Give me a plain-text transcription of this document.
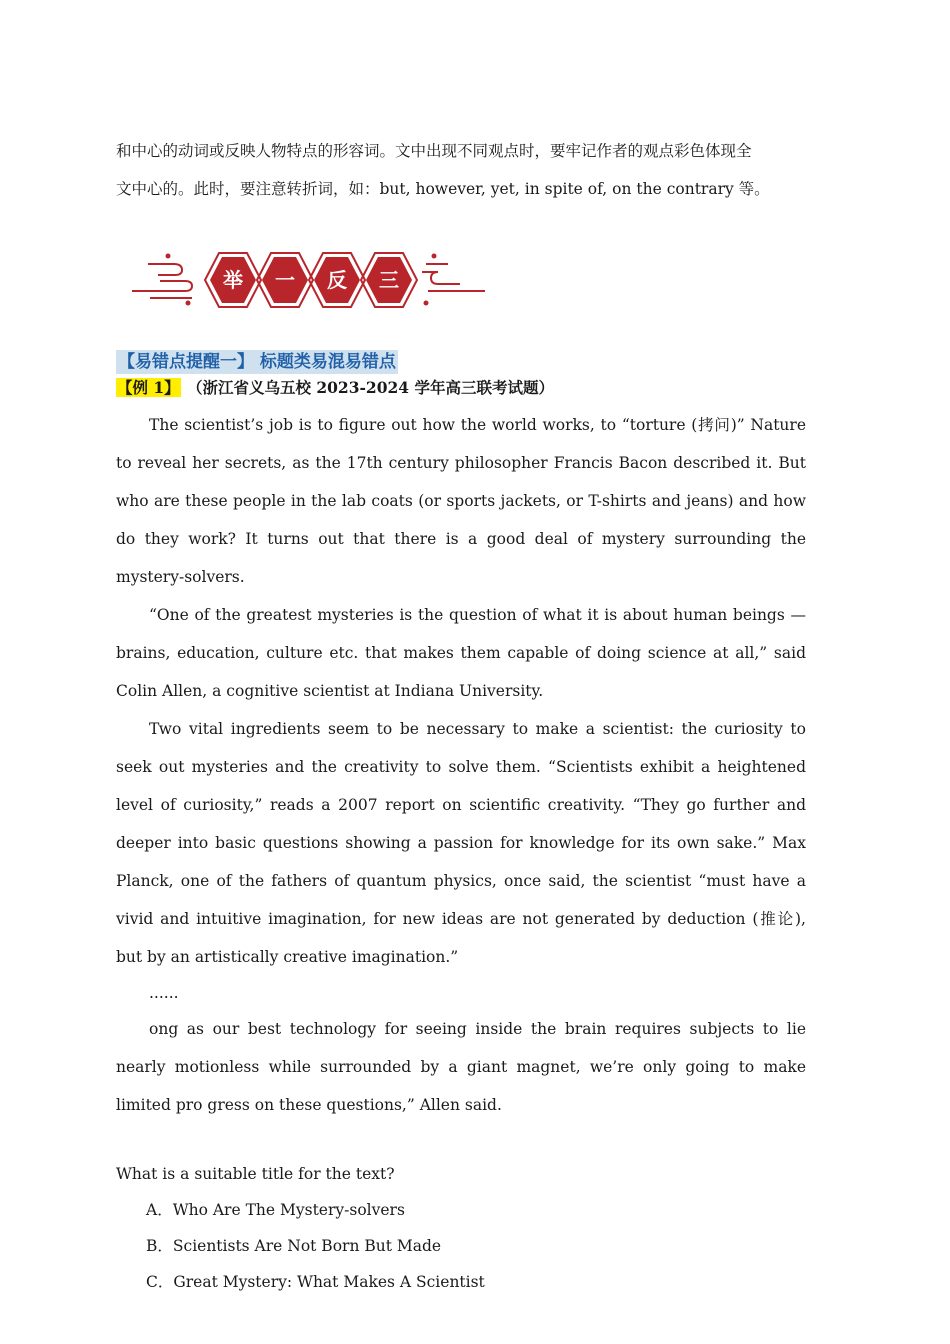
和中心的动词或反映人物特点的形容词。文中出现不同观点时，要牢记作者的观点彩色体现全
文中心的。此时，要注意转折词，如：but, however, yet, in spite of, on the contrary 等。

举 一 反 三
【易错点提醒一】 标题类易混易错点
【例 1】 （浙江省义乌五校 2023-2024 学年高三联考试题）

The scientist’s job is to figure out how the world works, to “torture (拷问)” Nature to reveal her secrets, as the 17th century philosopher Francis Bacon described it. But who are these people in the lab coats (or sports jackets, or T-shirts and jeans) and how do they work? It turns out that there is a good deal of mystery surrounding the mystery-solvers.

“One of the greatest mysteries is the question of what it is about human beings — brains, education, culture etc. that makes them capable of doing science at all,” said Colin Allen, a cognitive scientist at Indiana University.

Two vital ingredients seem to be necessary to make a scientist: the curiosity to seek out mysteries and the creativity to solve them. “Scientists exhibit a heightened level of curiosity,” reads a 2007 report on scientific creativity. “They go further and deeper into basic questions showing a passion for knowledge for its own sake.” Max Planck, one of the fathers of quantum physics, once said, the scientist “must have a vivid and intuitive imagination, for new ideas are not generated by deduction (推论), but by an artistically creative imagination.”

......

ong as our best technology for seeing inside the brain requires subjects to lie nearly motionless while surrounded by a giant magnet, we’re only going to make limited pro gress on these questions,” Allen said.

What is a suitable title for the text?

A．Who Are The Mystery-solvers

B．Scientists Are Not Born But Made

C．Great Mystery: What Makes A Scientist
